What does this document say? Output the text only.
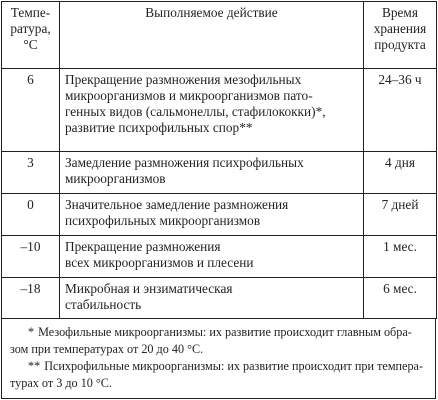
Темпе-
ратура,
°С	Выполняемое действие	Время
хранения
продукта
6	Прекращение размножения мезофильных
микроорганизмов и микроорганизмов пато-
генных видов (сальмонеллы, стафилококки)*,
развитие психрофильных спор**	24–36 ч
3	Замедление размножения психрофильных
микроорганизмов	4 дня
0	Значительное замедление размножения
психрофильных микроорганизмов	7 дней
–10	Прекращение размножения
всех микроорганизмов и плесени	1 мес.
–18	Микробная и энзиматическая
стабильность	6 мес.

* Мезофильные микроорганизмы: их развитие происходит главным обра-
зом при температурах от 20 до 40 °С.

** Психрофильные микроорганизмы: их развитие происходит при темпера-
турах от 3 до 10 °С.
